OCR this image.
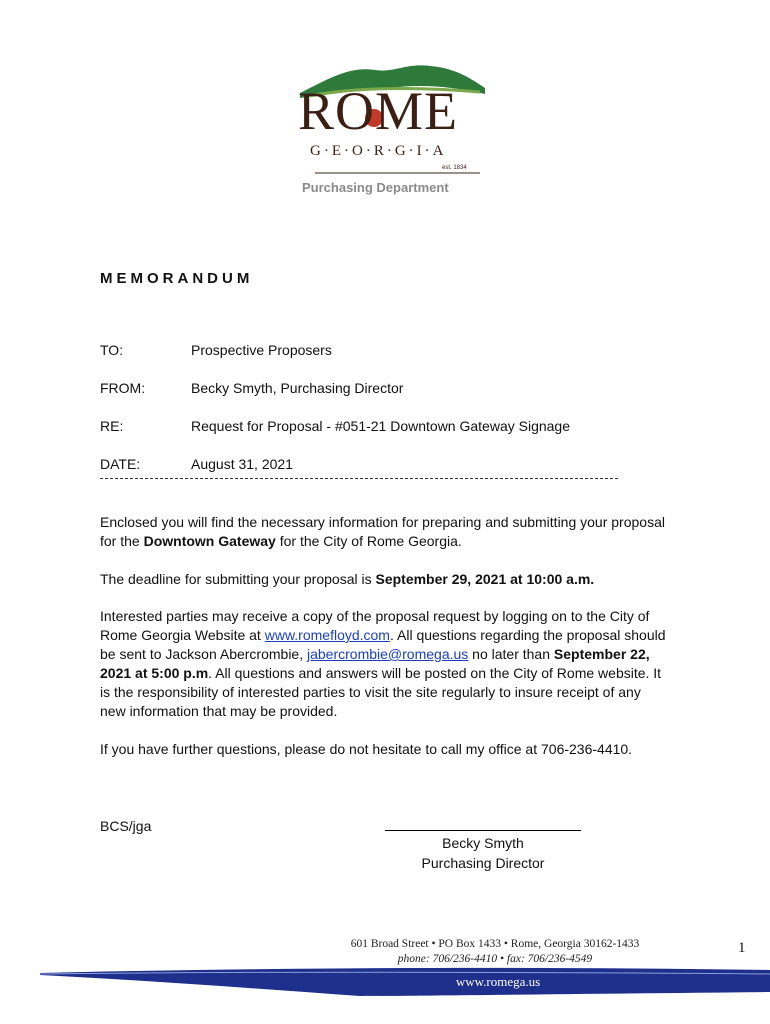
ROME
G·E·O·R·G·I·A
est. 1834
Purchasing Department
MEMORANDUM
TO:	Prospective Proposers
FROM:	Becky Smyth, Purchasing Director
RE:	Request for Proposal - #051-21 Downtown Gateway Signage
DATE:	August 31, 2021
Enclosed you will find the necessary information for preparing and submitting your proposal for the Downtown Gateway for the City of Rome Georgia.
The deadline for submitting your proposal is September 29, 2021 at 10:00 a.m.
Interested parties may receive a copy of the proposal request by logging on to the City of Rome Georgia Website at www.romefloyd.com. All questions regarding the proposal should be sent to Jackson Abercrombie, jabercrombie@romega.us no later than September 22, 2021 at 5:00 p.m. All questions and answers will be posted on the City of Rome website. It is the responsibility of interested parties to visit the site regularly to insure receipt of any new information that may be provided.
If you have further questions, please do not hesitate to call my office at 706-236-4410.
BCS/jga
Becky Smyth
Purchasing Director
601 Broad Street • PO Box 1433 • Rome, Georgia 30162-1433
phone: 706/236-4410 • fax: 706/236-4549
1
www.romega.us
